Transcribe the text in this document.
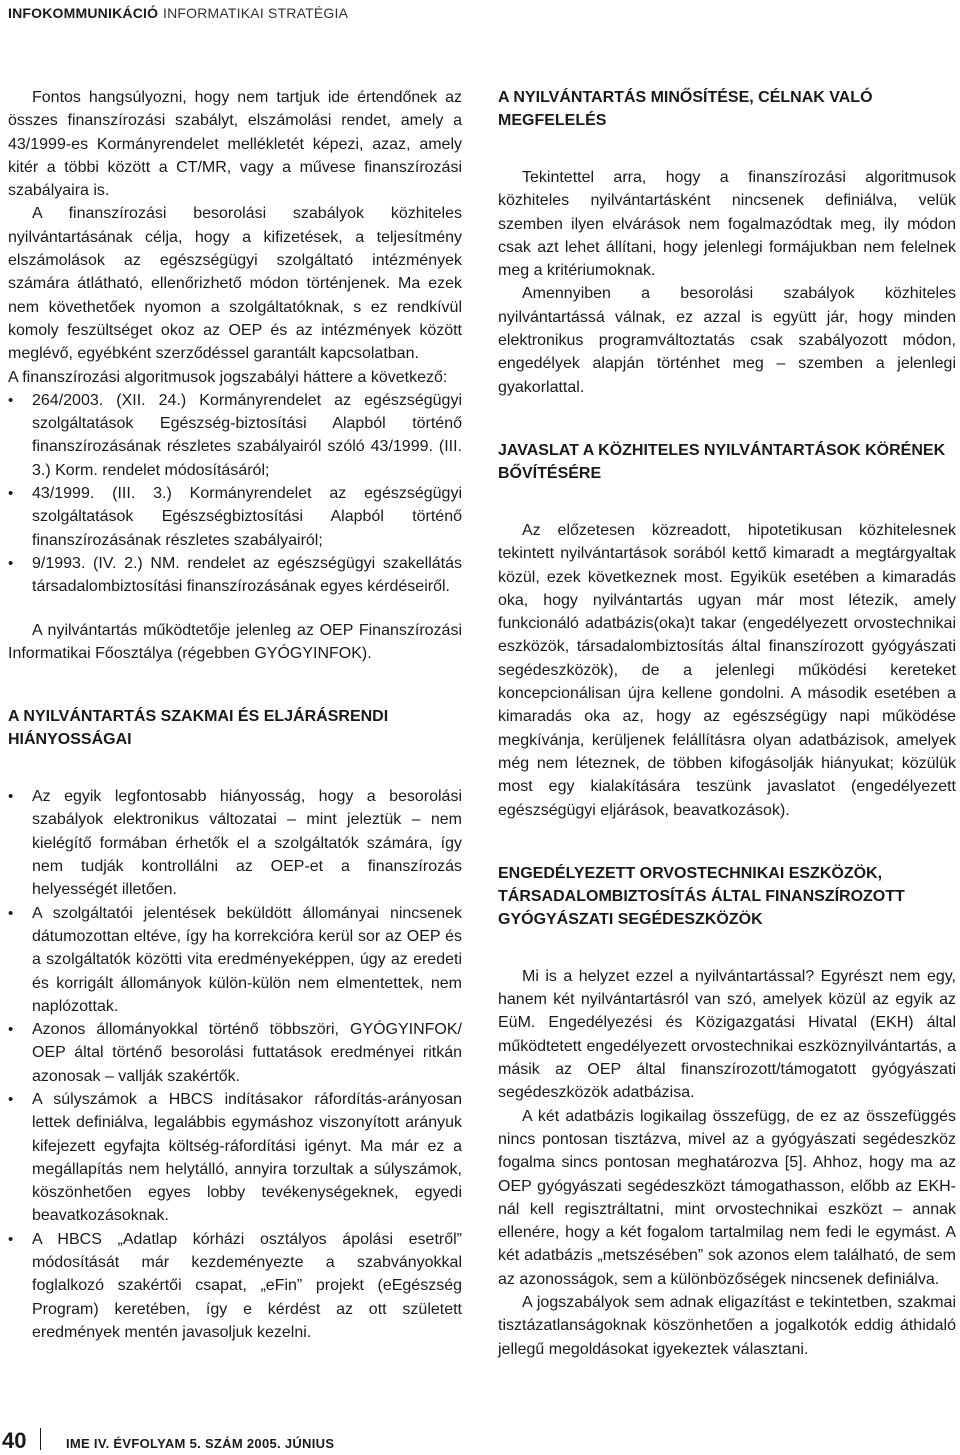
INFOKOMMUNIKÁCIÓ INFORMATIKAI STRATÉGIA

Fontos hangsúlyozni, hogy nem tartjuk ide értendőnek az összes finanszírozási szabályt, elszámolási rendet, amely a 43/1999-es Kormányrendelet mellékletét képezi, azaz, amely kitér a többi között a CT/MR, vagy a művese finanszírozási szabályaira is.

A finanszírozási besorolási szabályok közhiteles nyilvántartásának célja, hogy a kifizetések, a teljesítmény elszámolások az egészségügyi szolgáltató intézmények számára átlátható, ellenőrizhető módon történjenek. Ma ezek nem követhetőek nyomon a szolgáltatóknak, s ez rendkívül komoly feszültséget okoz az OEP és az intézmények között meglévő, egyébként szerződéssel garantált kapcsolatban.

A finanszírozási algoritmusok jogszabályi háttere a következő:

• 264/2003. (XII. 24.) Kormányrendelet az egészségügyi szolgáltatások Egészség-biztosítási Alapból történő finanszírozásának részletes szabályairól szóló 43/1999. (III. 3.) Korm. rendelet módosításáról;
• 43/1999. (III. 3.) Kormányrendelet az egészségügyi szolgáltatások Egészségbiztosítási Alapból történő finanszírozásának részletes szabályairól;
• 9/1993. (IV. 2.) NM. rendelet az egészségügyi szakellátás társadalombiztosítási finanszírozásának egyes kérdéseiről.

A nyilvántartás működtetője jelenleg az OEP Finanszírozási Informatikai Főosztálya (régebben GYÓGYINFOK).

A NYILVÁNTARTÁS SZAKMAI ÉS ELJÁRÁSRENDI HIÁNYOSSÁGAI
• Az egyik legfontosabb hiányosság, hogy a besorolási szabályok elektronikus változatai – mint jeleztük – nem kielégítő formában érhetők el a szolgáltatók számára, így nem tudják kontrollálni az OEP-et a finanszírozás helyességét illetően.
• A szolgáltatói jelentések beküldött állományai nincsenek dátumozottan eltéve, így ha korrekcióra kerül sor az OEP és a szolgáltatók közötti vita eredményeképpen, úgy az eredeti és korrigált állományok külön-külön nem elmentettek, nem naplózottak.
• Azonos állományokkal történő többszöri, GYÓGYINFOK/ OEP által történő besorolási futtatások eredményei ritkán azonosak – vallják szakértők.
• A súlyszámok a HBCS indításakor ráfordítás-arányosan lettek definiálva, legalábbis egymáshoz viszonyított arányuk kifejezett egyfajta költség-ráfordítási igényt. Ma már ez a megállapítás nem helytálló, annyira torzultak a súlyszámok, köszönhetően egyes lobby tevékenységeknek, egyedi beavatkozásoknak.
• A HBCS „Adatlap kórházi osztályos ápolási esetről” módosítását már kezdeményezte a szabványokkal foglalkozó szakértői csapat, „eFin” projekt (eEgészség Program) keretében, így e kérdést az ott született eredmények mentén javasoljuk kezelni.
A NYILVÁNTARTÁS MINŐSÍTÉSE, CÉLNAK VALÓ MEGFELELÉS

Tekintettel arra, hogy a finanszírozási algoritmusok közhiteles nyilvántartásként nincsenek definiálva, velük szemben ilyen elvárások nem fogalmazódtak meg, ily módon csak azt lehet állítani, hogy jelenlegi formájukban nem felelnek meg a kritériumoknak.

Amennyiben a besorolási szabályok közhiteles nyilvántartássá válnak, ez azzal is együtt jár, hogy minden elektronikus programváltoztatás csak szabályozott módon, engedélyek alapján történhet meg – szemben a jelenlegi gyakorlattal.

JAVASLAT A KÖZHITELES NYILVÁNTARTÁSOK KÖRÉNEK BŐVÍTÉSÉRE

Az előzetesen közreadott, hipotetikusan közhitelesnek tekintett nyilvántartások sorából kettő kimaradt a megtárgyaltak közül, ezek következnek most. Egyikük esetében a kimaradás oka, hogy nyilvántartás ugyan már most létezik, amely funkcionáló adatbázis(oka)t takar (engedélyezett orvostechnikai eszközök, társadalombiztosítás által finanszírozott gyógyászati segédeszközök), de a jelenlegi működési kereteket koncepcionálisan újra kellene gondolni. A második esetében a kimaradás oka az, hogy az egészségügy napi működése megkívánja, kerüljenek felállításra olyan adatbázisok, amelyek még nem léteznek, de többen kifogásolják hiányukat; közülük most egy kialakítására teszünk javaslatot (engedélyezett egészségügyi eljárások, beavatkozások).

ENGEDÉLYEZETT ORVOSTECHNIKAI ESZKÖZÖK, TÁRSADALOMBIZTOSÍTÁS ÁLTAL FINANSZÍROZOTT GYÓGYÁSZATI SEGÉDESZKÖZÖK

Mi is a helyzet ezzel a nyilvántartással? Egyrészt nem egy, hanem két nyilvántartásról van szó, amelyek közül az egyik az EüM. Engedélyezési és Közigazgatási Hivatal (EKH) által működtetett engedélyezett orvostechnikai eszköznyilvántartás, a másik az OEP által finanszírozott/támogatott gyógyászati segédeszközök adatbázisa.

A két adatbázis logikailag összefügg, de ez az összefüggés nincs pontosan tisztázva, mivel az a gyógyászati segédeszköz fogalma sincs pontosan meghatározva [5]. Ahhoz, hogy ma az OEP gyógyászati segédeszközt támogathasson, előbb az EKH-nál kell regisztráltatni, mint orvostechnikai eszközt – annak ellenére, hogy a két fogalom tartalmilag nem fedi le egymást. A két adatbázis „metszésében” sok azonos elem található, de sem az azonosságok, sem a különbözőségek nincsenek definiálva.

A jogszabályok sem adnak eligazítást e tekintetben, szakmai tisztázatlanságoknak köszönhetően a jogalkotók eddig áthidaló jellegű megoldásokat igyekeztek választani.

40	IME IV. ÉVFOLYAM 5. SZÁM 2005. JÚNIUS
